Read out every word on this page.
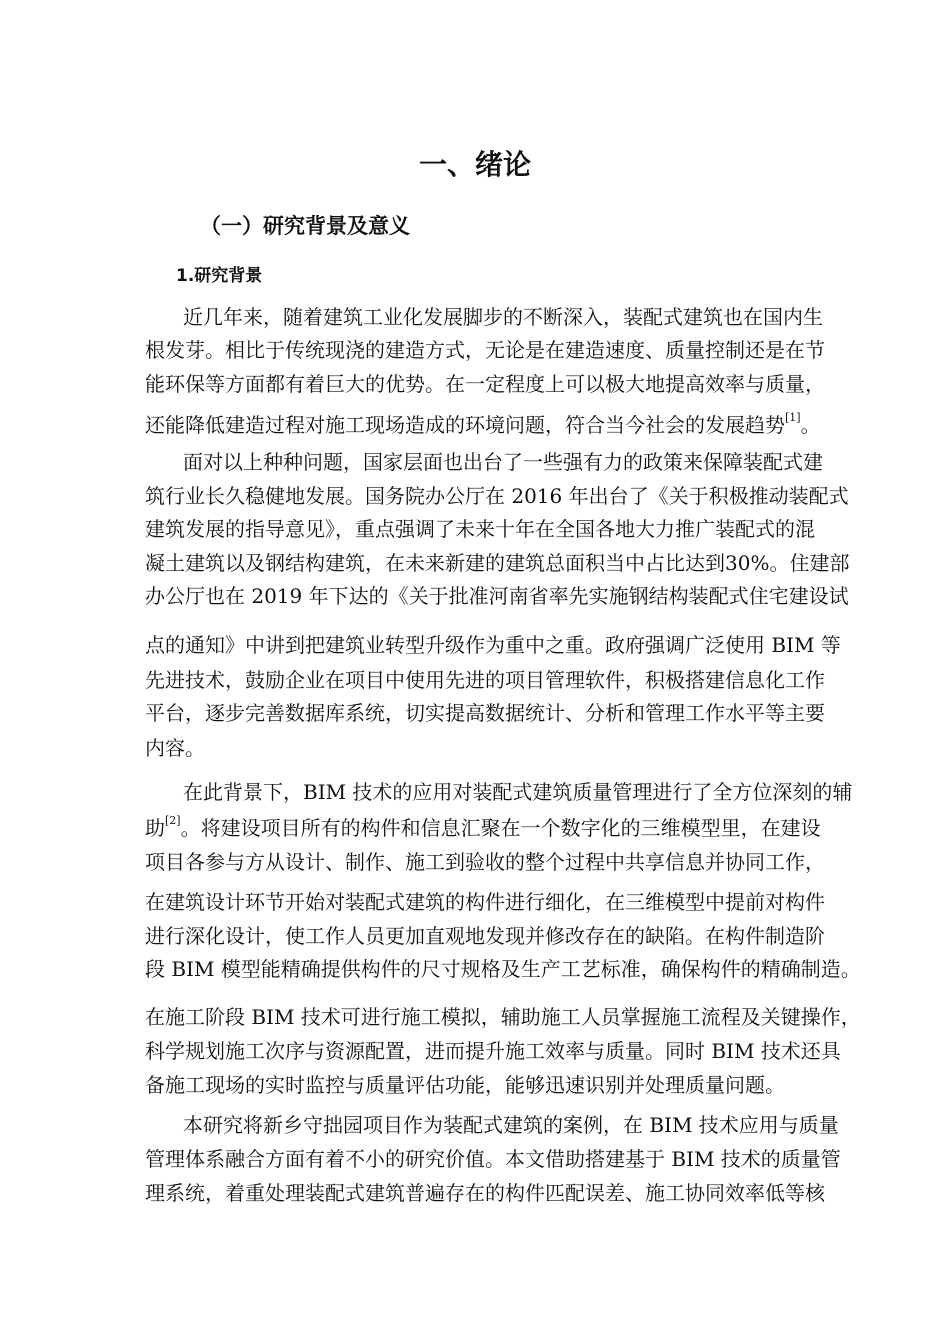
一、绪论
（一）研究背景及意义
1.研究背景
近几年来，随着建筑工业化发展脚步的不断深入，装配式建筑也在国内生
根发芽。相比于传统现浇的建造方式，无论是在建造速度、质量控制还是在节
能环保等方面都有着巨大的优势。在一定程度上可以极大地提高效率与质量，
还能降低建造过程对施工现场造成的环境问题，符合当今社会的发展趋势[1]。
面对以上种种问题，国家层面也出台了一些强有力的政策来保障装配式建
筑行业长久稳健地发展。国务院办公厅在 2016 年出台了《关于积极推动装配式
建筑发展的指导意见》，重点强调了未来十年在全国各地大力推广装配式的混
凝土建筑以及钢结构建筑，在未来新建的建筑总面积当中占比达到30%。住建部
办公厅也在 2019 年下达的《关于批准河南省率先实施钢结构装配式住宅建设试
点的通知》中讲到把建筑业转型升级作为重中之重。政府强调广泛使用 BIM 等
先进技术，鼓励企业在项目中使用先进的项目管理软件，积极搭建信息化工作
平台，逐步完善数据库系统，切实提高数据统计、分析和管理工作水平等主要
内容。
在此背景下，BIM 技术的应用对装配式建筑质量管理进行了全方位深刻的辅
助[2]。将建设项目所有的构件和信息汇聚在一个数字化的三维模型里，在建设
项目各参与方从设计、制作、施工到验收的整个过程中共享信息并协同工作，
在建筑设计环节开始对装配式建筑的构件进行细化，在三维模型中提前对构件
进行深化设计，使工作人员更加直观地发现并修改存在的缺陷。在构件制造阶
段 BIM 模型能精确提供构件的尺寸规格及生产工艺标准，确保构件的精确制造。
在施工阶段 BIM 技术可进行施工模拟，辅助施工人员掌握施工流程及关键操作，
科学规划施工次序与资源配置，进而提升施工效率与质量。同时 BIM 技术还具
备施工现场的实时监控与质量评估功能，能够迅速识别并处理质量问题。
本研究将新乡守拙园项目作为装配式建筑的案例，在 BIM 技术应用与质量
管理体系融合方面有着不小的研究价值。本文借助搭建基于 BIM 技术的质量管
理系统，着重处理装配式建筑普遍存在的构件匹配误差、施工协同效率低等核
